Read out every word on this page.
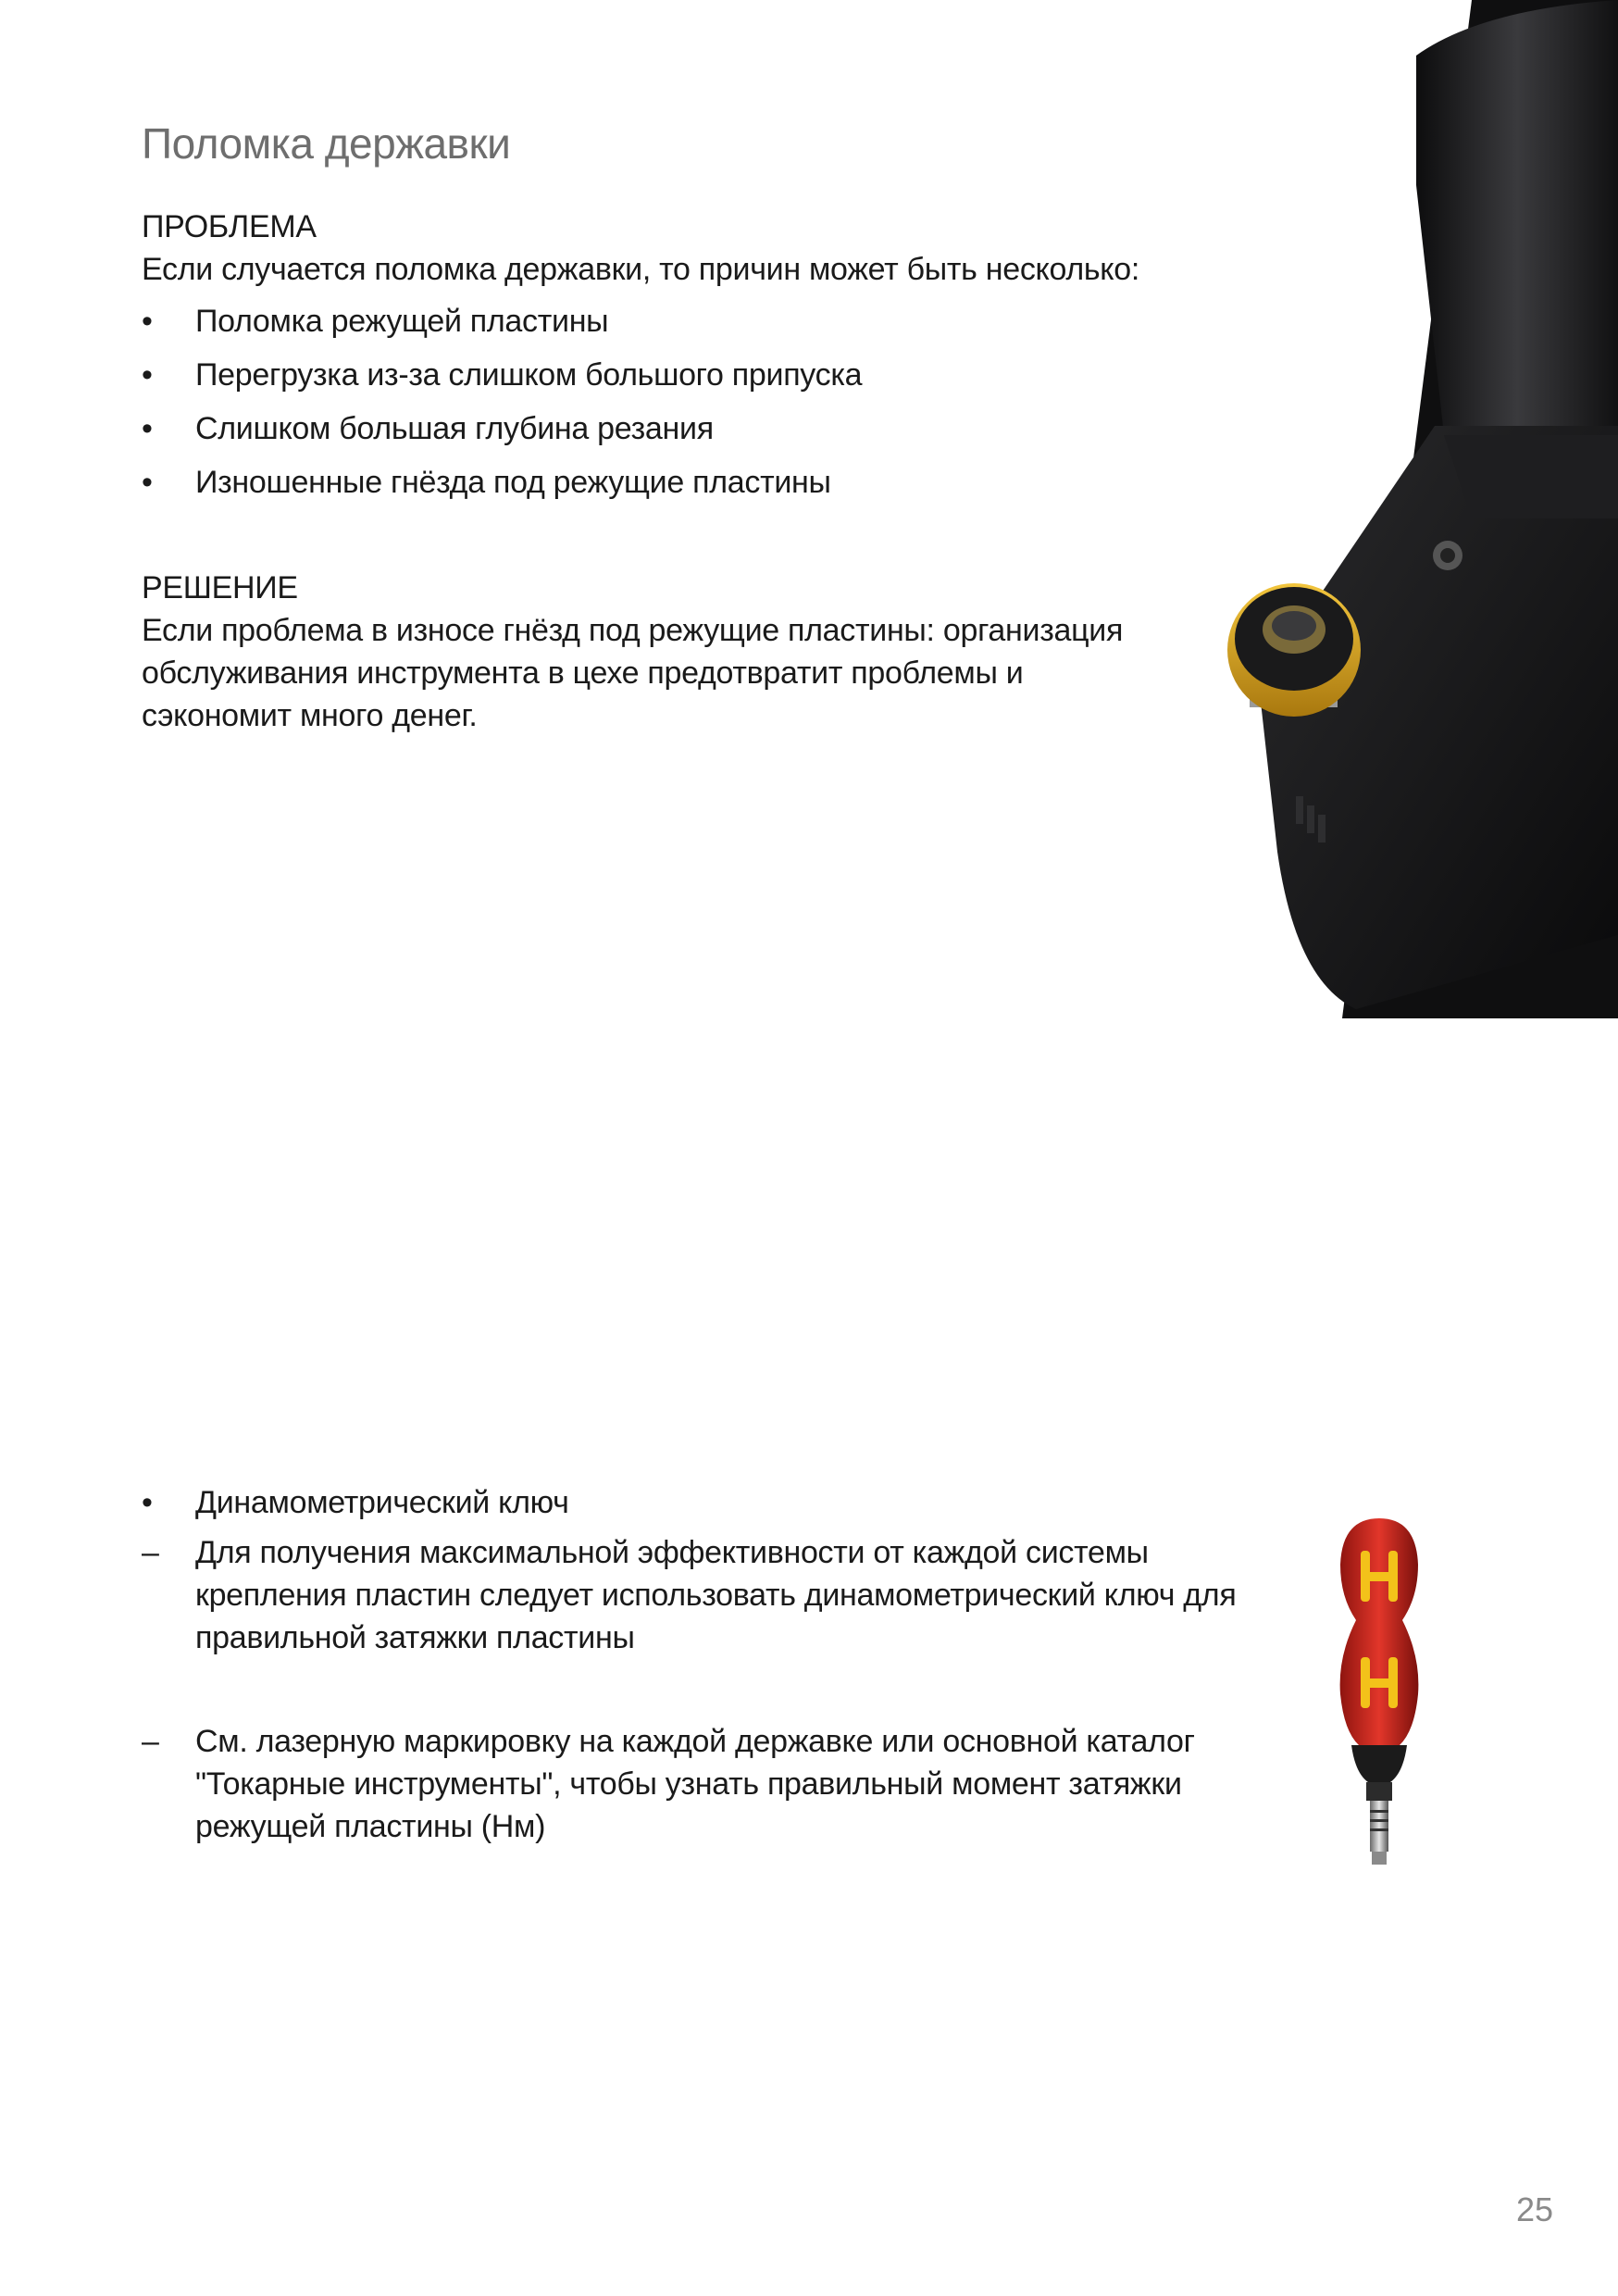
Поломка державки
ПРОБЛЕМА
Если случается поломка державки, то причин может быть несколько:
•	Поломка режущей пластины
•	Перегрузка из-за слишком большого припуска
•	Слишком большая глубина резания
•	Изношенные гнёзда под режущие пластины
РЕШЕНИЕ
Если проблема в износе гнёзд под режущие пластины: организация
обслуживания инструмента в цехе предотвратит проблемы и
сэкономит много денег.
•	Динамометрический ключ
–	Для получения максимальной эффективности от каждой системы
крепления пластин следует использовать динамометрический ключ для
правильной затяжки пластины
–	См. лазерную маркировку на каждой державке или основной каталог
"Токарные инструменты", чтобы узнать правильный момент затяжки
режущей пластины (Нм)
25
